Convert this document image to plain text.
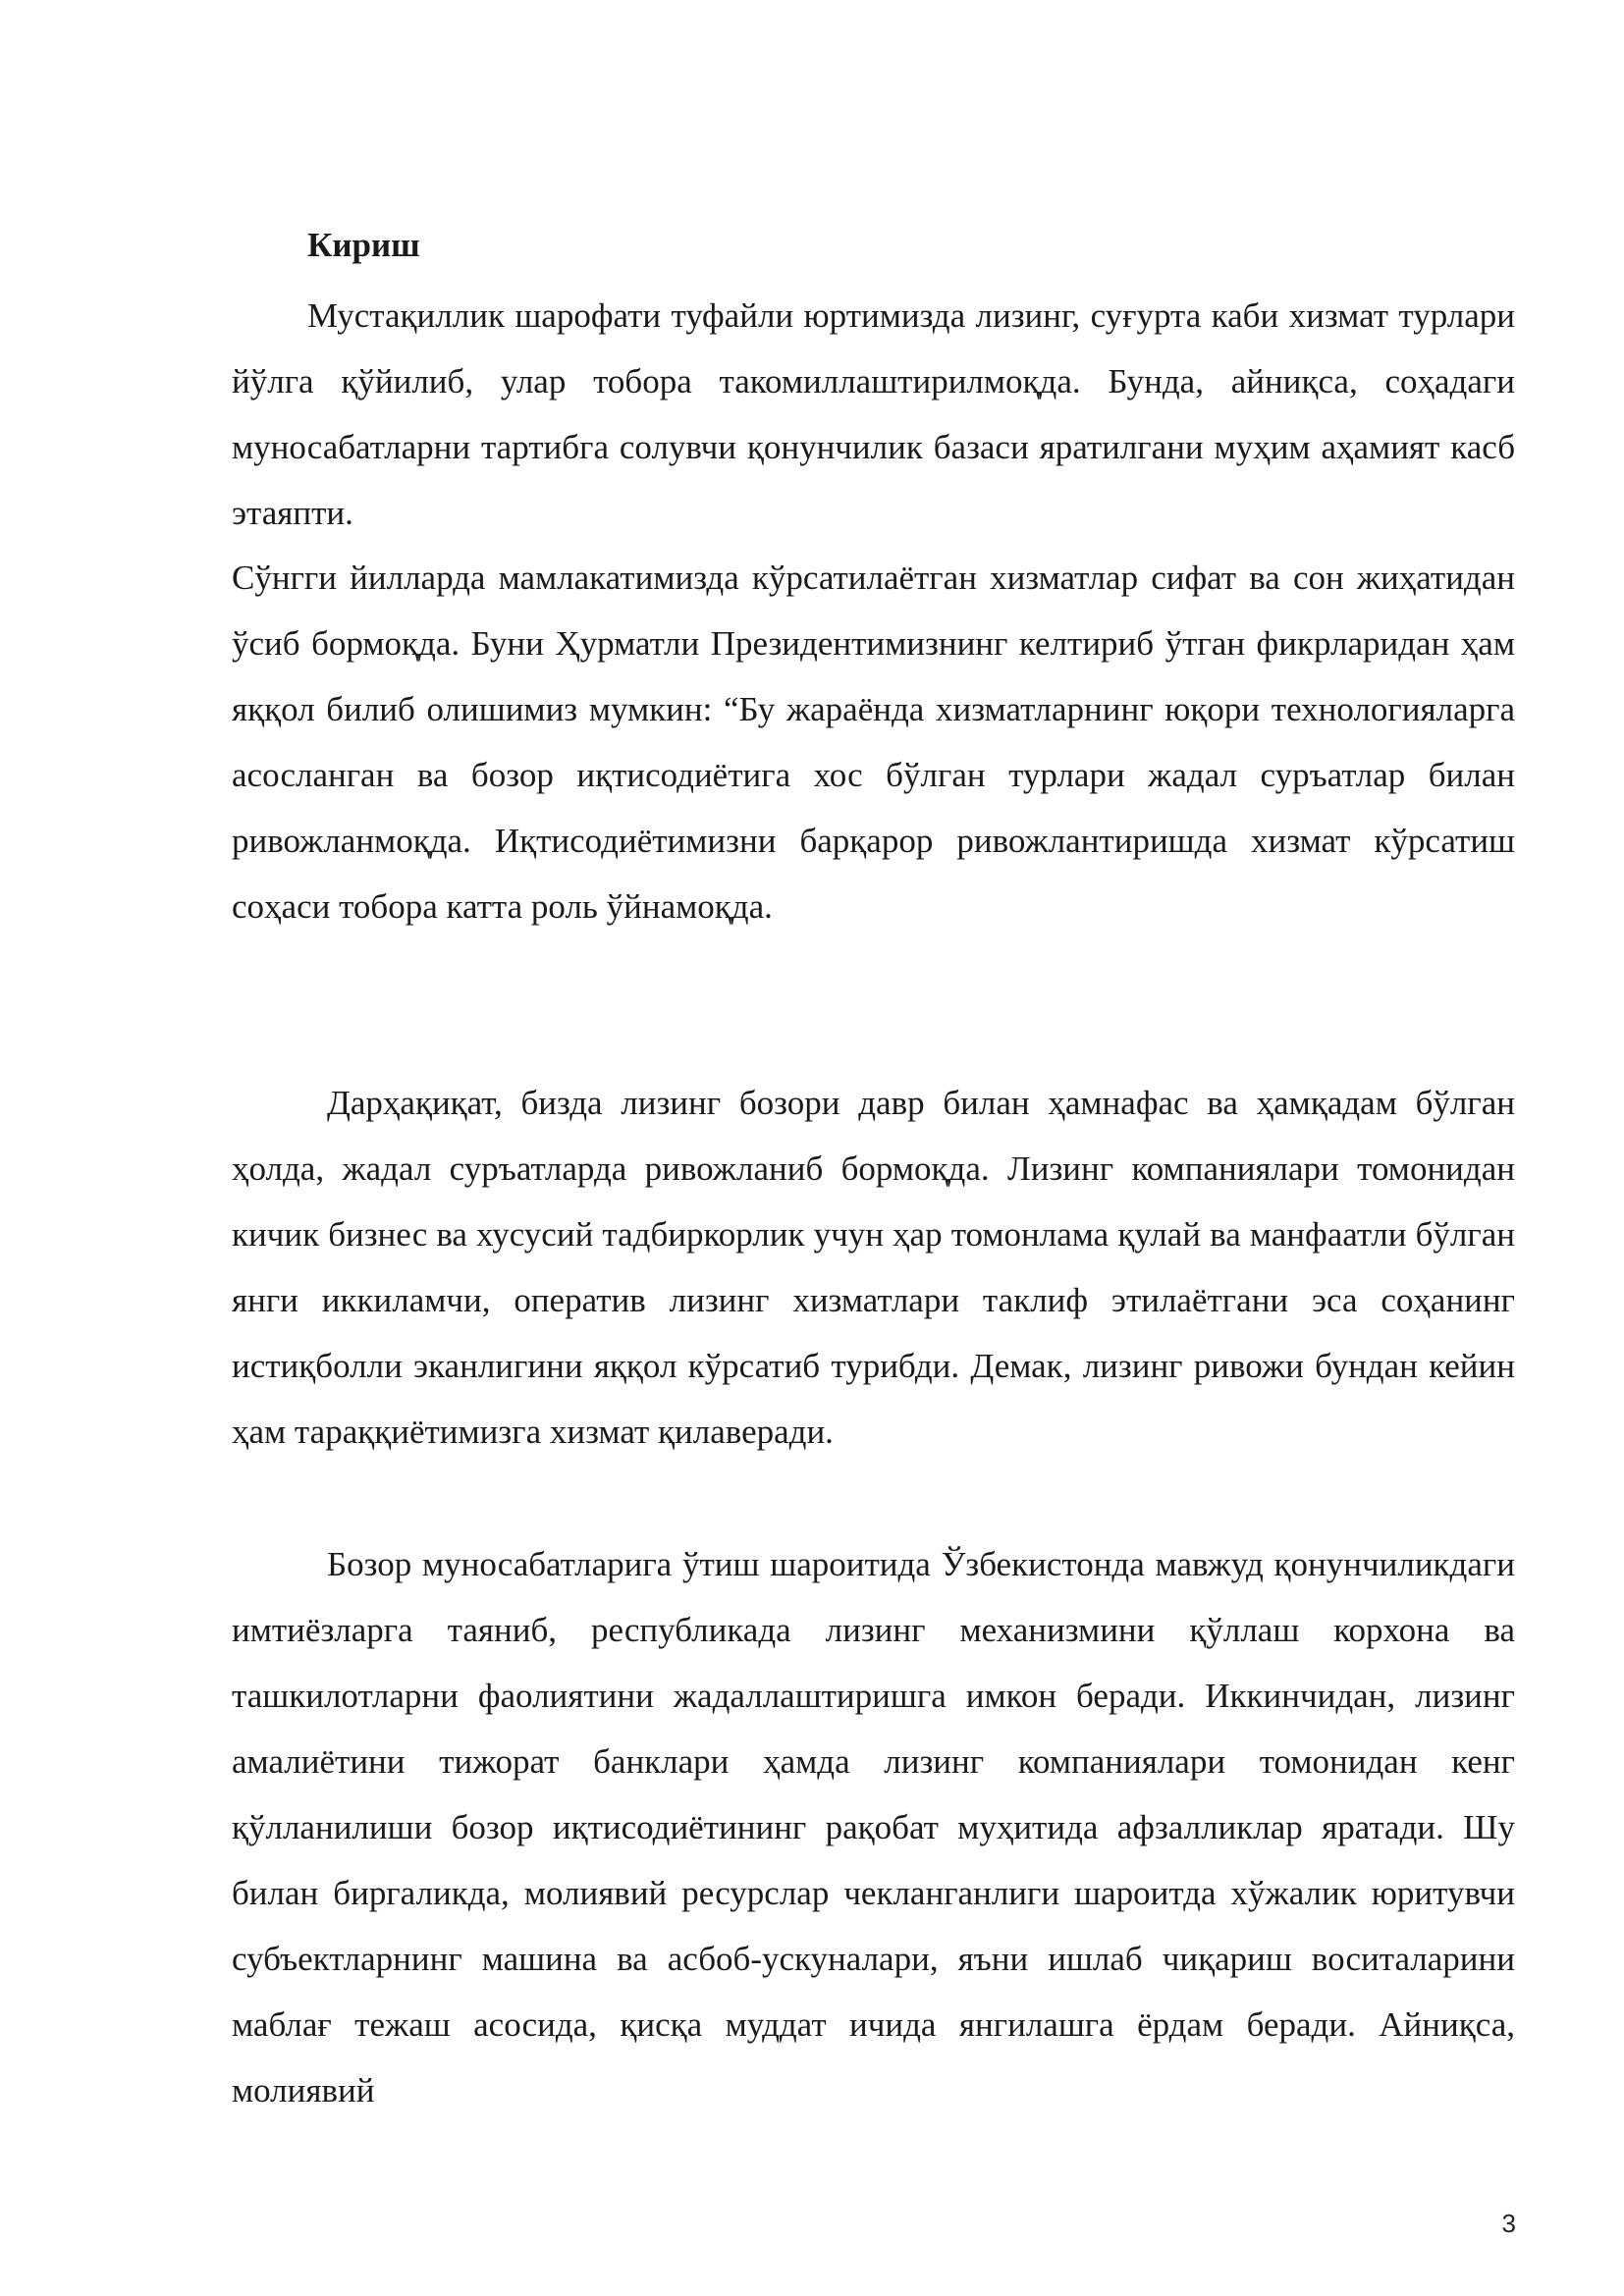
Кириш

Мустақиллик шарофати туфайли юртимизда лизинг, суғурта каби хизмат турлари йўлга қўйилиб, улар тобора такомиллаштирилмоқда. Бунда, айниқса, соҳадаги муносабатларни тартибга солувчи қонунчилик базаси яратилгани муҳим аҳамият касб этаяпти.

Сўнгги йилларда мамлакатимизда кўрсатилаётган хизматлар сифат ва сон жиҳатидан ўсиб бормоқда. Буни Ҳурматли Президентимизнинг келтириб ўтган фикрларидан ҳам яққол билиб олишимиз мумкин: “Бу жараёнда хизматларнинг юқори технологияларга асосланган ва бозор иқтисодиётига хос бўлган турлари жадал суръатлар билан ривожланмоқда. Иқтисодиётимизни барқарор ривожлантиришда хизмат кўрсатиш соҳаси тобора катта роль ўйнамоқда.

Дарҳақиқат, бизда лизинг бозори давр билан ҳамнафас ва ҳамқадам бўлган ҳолда, жадал суръатларда ривожланиб бормоқда. Лизинг компаниялари томонидан кичик бизнес ва хусусий тадбиркорлик учун ҳар томонлама қулай ва манфаатли бўлган янги иккиламчи, оператив лизинг хизматлари таклиф этилаётгани эса соҳанинг истиқболли эканлигини яққол кўрсатиб турибди. Демак, лизинг ривожи бундан кейин ҳам тараққиётимизга хизмат қилаверади.

Бозор муносабатларига ўтиш шароитида Ўзбекистонда мавжуд қонунчиликдаги имтиёзларга таяниб, республикада лизинг механизмини қўллаш корхона ва ташкилотларни фаолиятини жадаллаштиришга имкон беради. Иккинчидан, лизинг амалиётини тижорат банклари ҳамда лизинг компаниялари томонидан кенг қўлланилиши бозор иқтисодиётининг рақобат муҳитида афзалликлар яратади. Шу билан биргаликда, молиявий ресурслар чекланганлиги шароитда хўжалик юритувчи субъектларнинг машина ва асбоб-ускуналари, яъни ишлаб чиқариш воситаларини маблағ тежаш асосида, қисқа муддат ичида янгилашга ёрдам беради. Айниқса, молиявий

3
